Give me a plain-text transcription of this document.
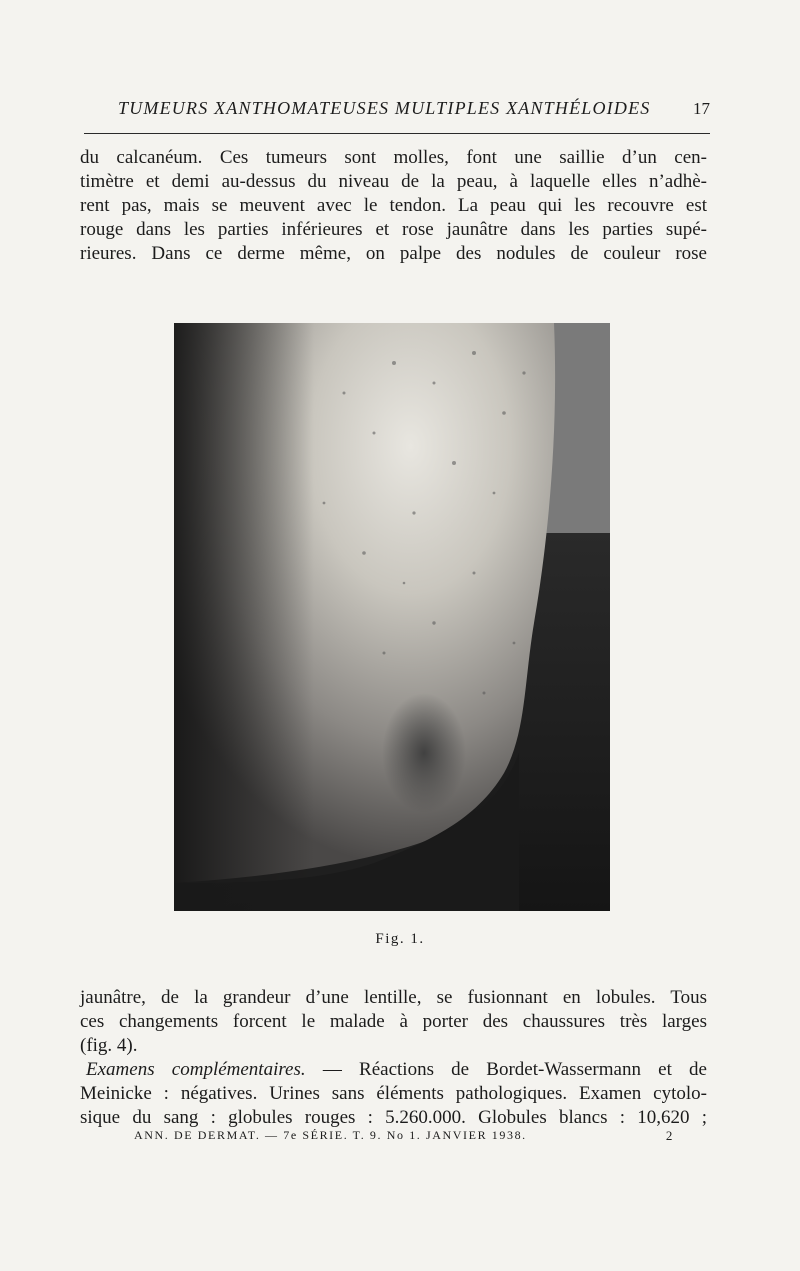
TUMEURS XANTHOMATEUSES MULTIPLES XANTHÉLOIDES	17

du calcanéum. Ces tumeurs sont molles, font une saillie d’un cen-
timètre et demi au-dessus du niveau de la peau, à laquelle elles n’adhè-
rent pas, mais se meuvent avec le tendon. La peau qui les recouvre est
rouge dans les parties inférieures et rose jaunâtre dans les parties supé-
rieures. Dans ce derme même, on palpe des nodules de couleur rose

Fig. 1.

jaunâtre, de la grandeur d’une lentille, se fusionnant en lobules. Tous
ces changements forcent le malade à porter des chaussures très larges
(fig. 4).
Examens complémentaires. — Réactions de Bordet-Wassermann et de
Meinicke : négatives. Urines sans éléments pathologiques. Examen cytolo-
sique du sang : globules rouges : 5.260.000. Globules blancs : 10,620 ;

ANN. DE DERMAT. — 7e SÉRIE. T. 9. No 1. JANVIER 1938.	2
